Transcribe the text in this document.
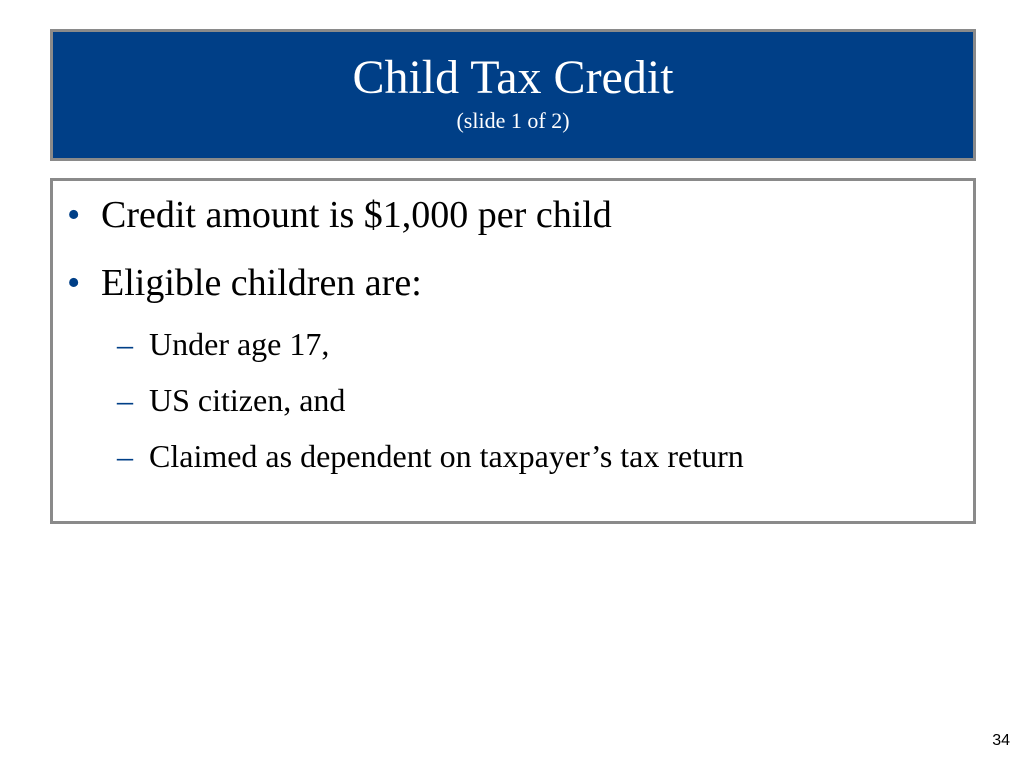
Child Tax Credit
(slide 1 of 2)
• Credit amount is $1,000 per child
• Eligible children are:
– Under age 17,
– US citizen, and
– Claimed as dependent on taxpayer’s tax return
34
